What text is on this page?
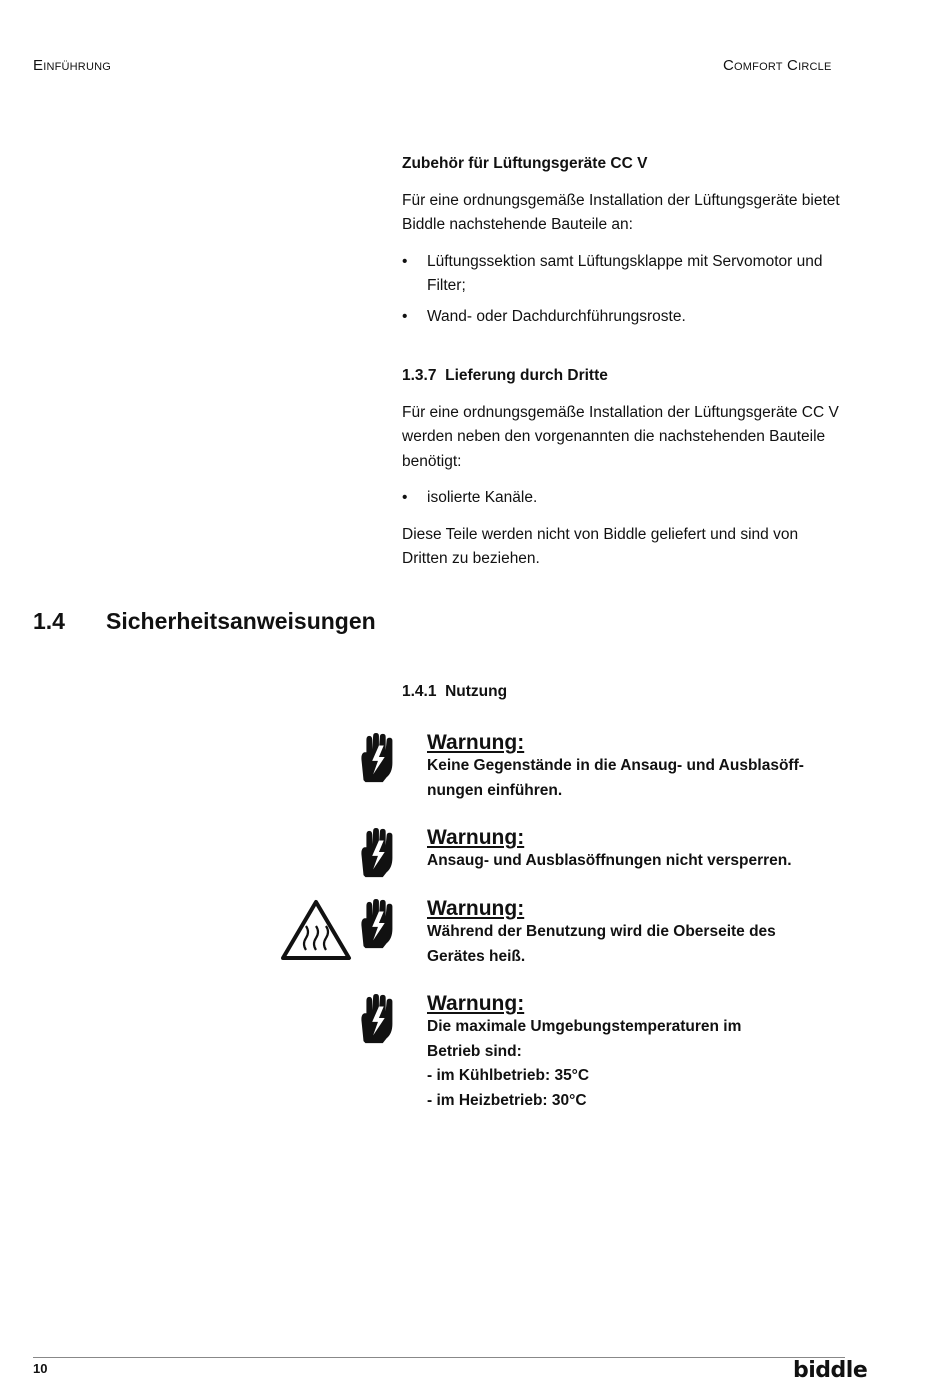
Einführung	Comfort Circle

Zubehör für Lüftungsgeräte CC V

Für eine ordnungsgemäße Installation der Lüftungsgeräte bietet Biddle nachstehende Bauteile an:

• Lüftungssektion samt Lüftungsklappe mit Servomotor und Filter;
• Wand- oder Dachdurchführungsroste.

1.3.7 Lieferung durch Dritte

Für eine ordnungsgemäße Installation der Lüftungsgeräte CC V werden neben den vorgenannten die nachstehenden Bauteile benötigt:

• isolierte Kanäle.

Diese Teile werden nicht von Biddle geliefert und sind von Dritten zu beziehen.

1.4 Sicherheitsanweisungen

1.4.1 Nutzung

Warnung:
Keine Gegenstände in die Ansaug- und Ausblasöff-
nungen einführen.
Warnung:
Ansaug- und Ausblasöffnungen nicht versperren.
Warnung:
Während der Benutzung wird die Oberseite des
Gerätes heiß.
Warnung:
Die maximale Umgebungstemperaturen im
Betrieb sind:
- im Kühlbetrieb: 35°C
- im Heizbetrieb: 30°C
10	biddle
